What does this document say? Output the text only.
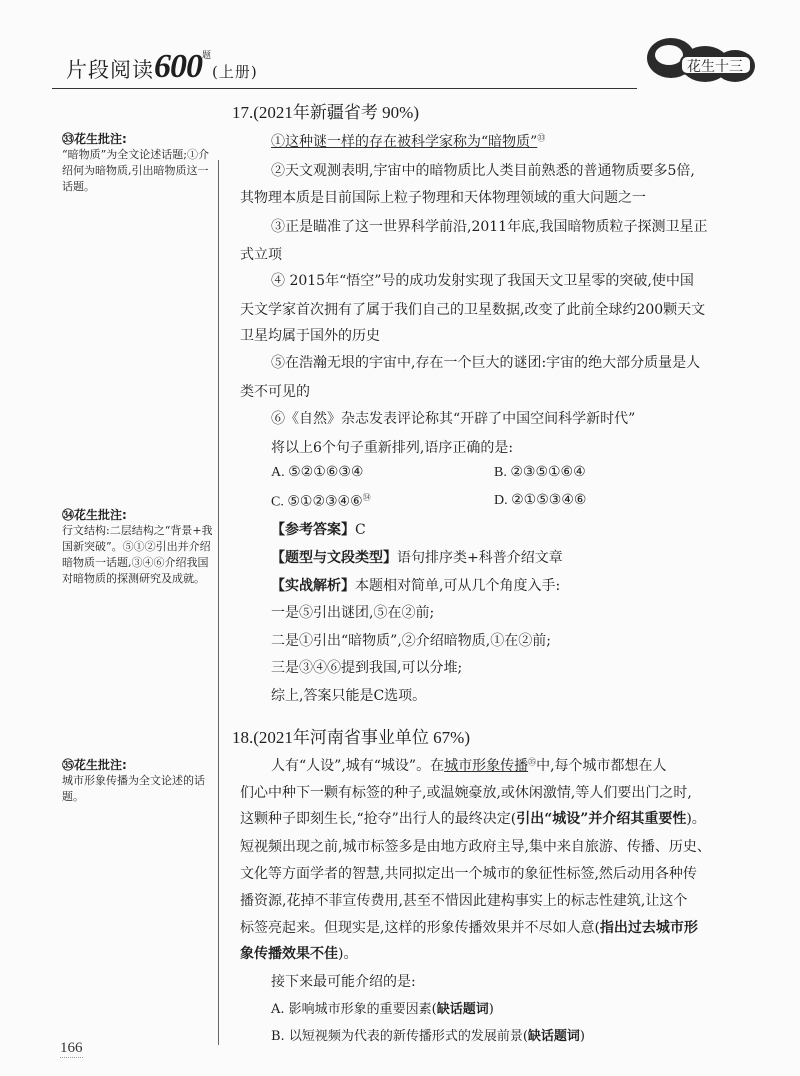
片段阅读$600^题$(上册)	花生十三
㉝花生批注:
“暗物质”为全文论述话题;①介绍何为暗物质,引出暗物质这一话题。
㉞花生批注:
行文结构:二层结构之“背景+我国新突破”。⑤①②引出并介绍暗物质一话题,③④⑥介绍我国对暗物质的探测研究及成就。
㉟花生批注:
城市形象传播为全文论述的话题。
17.(2021年新疆省考 90%)
①这种谜一样的存在被科学家称为“暗物质”$^㉝$
②天文观测表明,宇宙中的暗物质比人类目前熟悉的普通物质要多5倍,
其物理本质是目前国际上粒子物理和天体物理领域的重大问题之一
③正是瞄准了这一世界科学前沿,2011年底,我国暗物质粒子探测卫星正
式立项
④ 2015年“悟空”号的成功发射实现了我国天文卫星零的突破,使中国
天文学家首次拥有了属于我们自己的卫星数据,改变了此前全球约200颗天文
卫星均属于国外的历史
⑤在浩瀚无垠的宇宙中,存在一个巨大的谜团:宇宙的绝大部分质量是人
类不可见的
⑥《自然》杂志发表评论称其“开辟了中国空间科学新时代”
将以上6个句子重新排列,语序正确的是:
A. ⑤②①⑥③④	B. ②③⑤①⑥④
C. ⑤①②③④⑥$^㉞$	D. ②①⑤③④⑥
【参考答案】C
【题型与文段类型】语句排序类+科普介绍文章
【实战解析】本题相对简单,可从几个角度入手:
一是⑤引出谜团,⑤在②前;
二是①引出“暗物质”,②介绍暗物质,①在②前;
三是③④⑥提到我国,可以分堆;
综上,答案只能是C选项。
18.(2021年河南省事业单位 67%)
人有“人设”,城有“城设”。在城市形象传播$^㉟$中,每个城市都想在人
们心中种下一颗有标签的种子,或温婉豪放,或休闲激情,等人们要出门之时,
这颗种子即刻生长,“抢夺”出行人的最终决定(引出“城设”并介绍其重要性)。
短视频出现之前,城市标签多是由地方政府主导,集中来自旅游、传播、历史、
文化等方面学者的智慧,共同拟定出一个城市的象征性标签,然后动用各种传
播资源,花掉不菲宣传费用,甚至不惜因此建构事实上的标志性建筑,让这个
标签亮起来。但现实是,这样的形象传播效果并不尽如人意(指出过去城市形
象传播效果不佳)。
接下来最可能介绍的是:
A. 影响城市形象的重要因素(缺话题词)
B. 以短视频为代表的新传播形式的发展前景(缺话题词)
166
